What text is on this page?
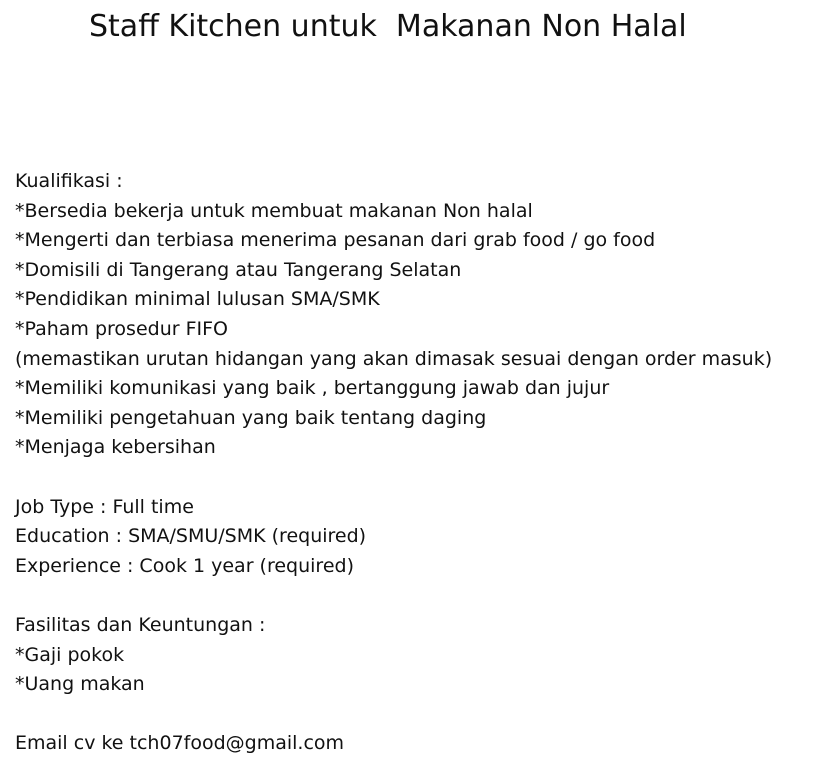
Staff Kitchen untuk  Makanan Non Halal
Kualifikasi :
*Bersedia bekerja untuk membuat makanan Non halal
*Mengerti dan terbiasa menerima pesanan dari grab food / go food
*Domisili di Tangerang atau Tangerang Selatan
*Pendidikan minimal lulusan SMA/SMK
*Paham prosedur FIFO
(memastikan urutan hidangan yang akan dimasak sesuai dengan order masuk)
*Memiliki komunikasi yang baik , bertanggung jawab dan jujur
*Memiliki pengetahuan yang baik tentang daging
*Menjaga kebersihan
Job Type : Full time
Education : SMA/SMU/SMK (required)
Experience : Cook 1 year (required)
Fasilitas dan Keuntungan :
*Gaji pokok
*Uang makan
Email cv ke tch07food@gmail.com
